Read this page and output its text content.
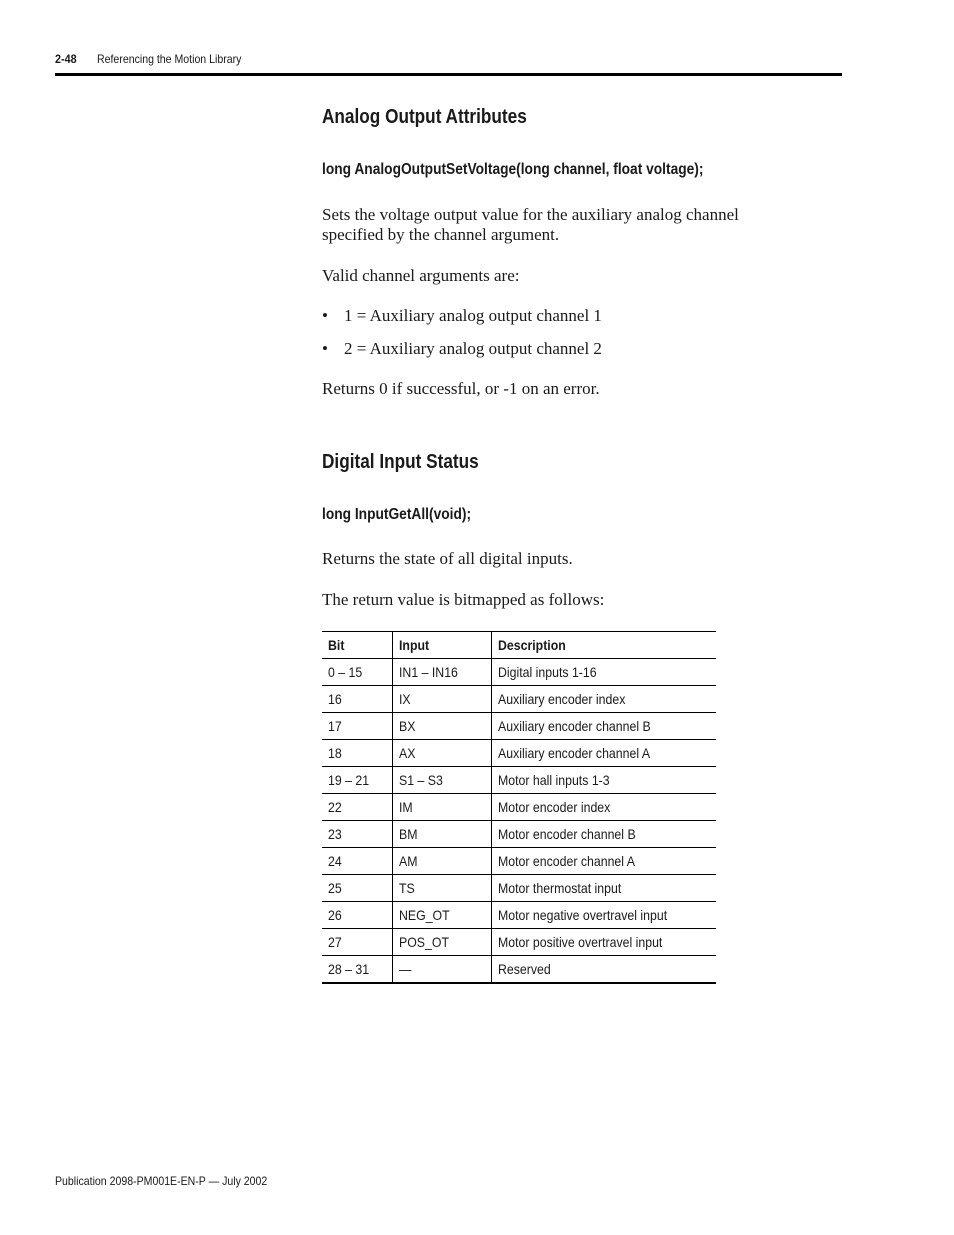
2-48 Referencing the Motion Library
Analog Output Attributes
long AnalogOutputSetVoltage(long channel, float voltage);
Sets the voltage output value for the auxiliary analog channel specified by the channel argument.
Valid channel arguments are:
• 1 = Auxiliary analog output channel 1
• 2 = Auxiliary analog output channel 2
Returns 0 if successful, or -1 on an error.
Digital Input Status
long InputGetAll(void);
Returns the state of all digital inputs.
The return value is bitmapped as follows:
Bit	Input	Description
0 – 15	IN1 – IN16	Digital inputs 1-16
16	IX	Auxiliary encoder index
17	BX	Auxiliary encoder channel B
18	AX	Auxiliary encoder channel A
19 – 21	S1 – S3	Motor hall inputs 1-3
22	IM	Motor encoder index
23	BM	Motor encoder channel B
24	AM	Motor encoder channel A
25	TS	Motor thermostat input
26	NEG_OT	Motor negative overtravel input
27	POS_OT	Motor positive overtravel input
28 – 31	—	Reserved
Publication 2098-PM001E-EN-P — July 2002
